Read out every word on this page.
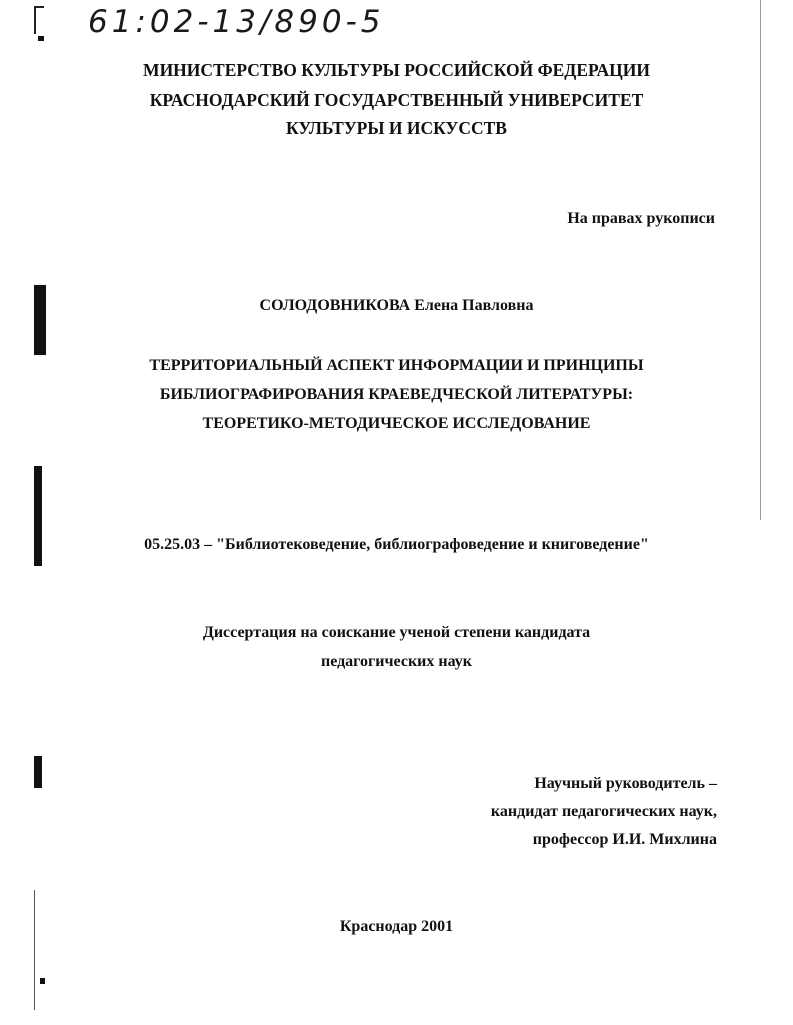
61:02-13/890-5
МИНИСТЕРСТВО КУЛЬТУРЫ РОССИЙСКОЙ ФЕДЕРАЦИИ
КРАСНОДАРСКИЙ ГОСУДАРСТВЕННЫЙ УНИВЕРСИТЕТ
КУЛЬТУРЫ И ИСКУССТВ
На правах рукописи
СОЛОДОВНИКОВА Елена Павловна
ТЕРРИТОРИАЛЬНЫЙ АСПЕКТ ИНФОРМАЦИИ И ПРИНЦИПЫ
БИБЛИОГРАФИРОВАНИЯ КРАЕВЕДЧЕСКОЙ ЛИТЕРАТУРЫ:
ТЕОРЕТИКО-МЕТОДИЧЕСКОЕ ИССЛЕДОВАНИЕ
05.25.03 – "Библиотековедение, библиографоведение и книговедение"
Диссертация на соискание ученой степени кандидата
педагогических наук
Научный руководитель –
кандидат педагогических наук,
профессор И.И. Михлина
Краснодар 2001
